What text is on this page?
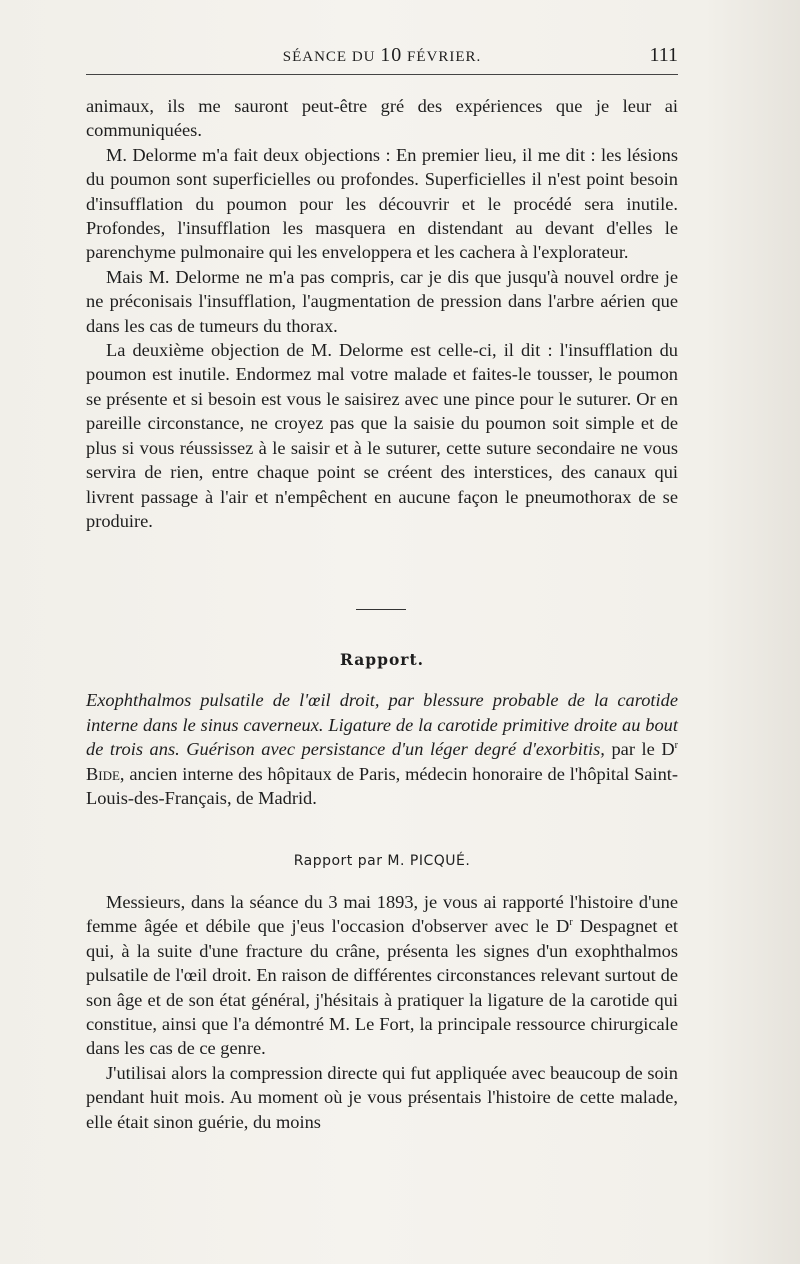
SÉANCE DU 10 FÉVRIER.	111

animaux, ils me sauront peut-être gré des expériences que je leur ai communiquées.

M. Delorme m'a fait deux objections : En premier lieu, il me dit : les lésions du poumon sont superficielles ou profondes. Superficielles il n'est point besoin d'insufflation du poumon pour les découvrir et le procédé sera inutile. Profondes, l'insufflation les masquera en distendant au devant d'elles le parenchyme pulmonaire qui les enveloppera et les cachera à l'explorateur.

Mais M. Delorme ne m'a pas compris, car je dis que jusqu'à nouvel ordre je ne préconisais l'insufflation, l'augmentation de pression dans l'arbre aérien que dans les cas de tumeurs du thorax.

La deuxième objection de M. Delorme est celle-ci, il dit : l'insufflation du poumon est inutile. Endormez mal votre malade et faites-le tousser, le poumon se présente et si besoin est vous le saisirez avec une pince pour le suturer. Or en pareille circonstance, ne croyez pas que la saisie du poumon soit simple et de plus si vous réussissez à le saisir et à le suturer, cette suture secondaire ne vous servira de rien, entre chaque point se créent des interstices, des canaux qui livrent passage à l'air et n'empêchent en aucune façon le pneumothorax de se produire.

Rapport.
Exophthalmos pulsatile de l'œil droit, par blessure probable de la carotide interne dans le sinus caverneux. Ligature de la carotide primitive droite au bout de trois ans. Guérison avec persistance d'un léger degré d'exorbitis, par le $D^r$ Bide, ancien interne des hôpitaux de Paris, médecin honoraire de l'hôpital Saint-Louis-des-Français, de Madrid.
Rapport par M. PICQUÉ.

Messieurs, dans la séance du 3 mai 1893, je vous ai rapporté l'histoire d'une femme âgée et débile que j'eus l'occasion d'observer avec le $D^r$ Despagnet et qui, à la suite d'une fracture du crâne, présenta les signes d'un exophthalmos pulsatile de l'œil droit. En raison de différentes circonstances relevant surtout de son âge et de son état général, j'hésitais à pratiquer la ligature de la carotide qui constitue, ainsi que l'a démontré M. Le Fort, la principale ressource chirurgicale dans les cas de ce genre.

J'utilisai alors la compression directe qui fut appliquée avec beaucoup de soin pendant huit mois. Au moment où je vous présentais l'histoire de cette malade, elle était sinon guérie, du moins
